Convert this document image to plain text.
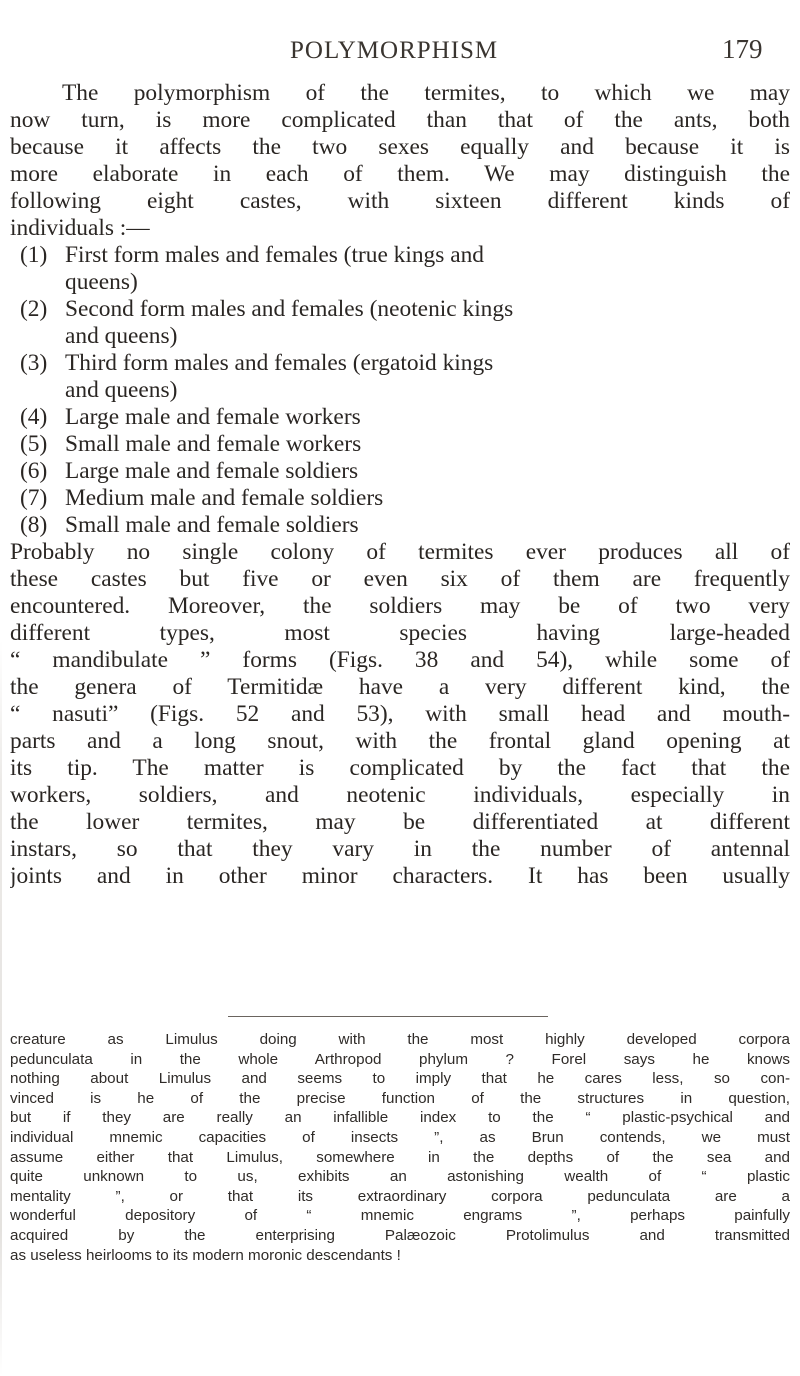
POLYMORPHISM	179
The polymorphism of the termites, to which we may
now turn, is more complicated than that of the ants, both
because it affects the two sexes equally and because it is
more elaborate in each of them. We may distinguish the
following eight castes, with sixteen different kinds of
individuals :—
(1) First form males and females (true kings and
queens)
(2) Second form males and females (neotenic kings
and queens)
(3) Third form males and females (ergatoid kings
and queens)
(4) Large male and female workers
(5) Small male and female workers
(6) Large male and female soldiers
(7) Medium male and female soldiers
(8) Small male and female soldiers
Probably no single colony of termites ever produces all of
these castes but five or even six of them are frequently
encountered. Moreover, the soldiers may be of two very
different types, most species having large-headed
“ mandibulate ” forms (Figs. 38 and 54), while some of
the genera of Termitidæ have a very different kind, the
“ nasuti” (Figs. 52 and 53), with small head and mouth-
parts and a long snout, with the frontal gland opening at
its tip. The matter is complicated by the fact that the
workers, soldiers, and neotenic individuals, especially in
the lower termites, may be differentiated at different
instars, so that they vary in the number of antennal
joints and in other minor characters. It has been usually
creature as Limulus doing with the most highly developed corpora
pedunculata in the whole Arthropod phylum ? Forel says he knows
nothing about Limulus and seems to imply that he cares less, so con-
vinced is he of the precise function of the structures in question,
but if they are really an infallible index to the “ plastic-psychical and
individual mnemic capacities of insects ”, as Brun contends, we must
assume either that Limulus, somewhere in the depths of the sea and
quite unknown to us, exhibits an astonishing wealth of “ plastic
mentality ”, or that its extraordinary corpora pedunculata are a
wonderful depository of “ mnemic engrams ”, perhaps painfully
acquired by the enterprising Palæozoic Protolimulus and transmitted
as useless heirlooms to its modern moronic descendants !
